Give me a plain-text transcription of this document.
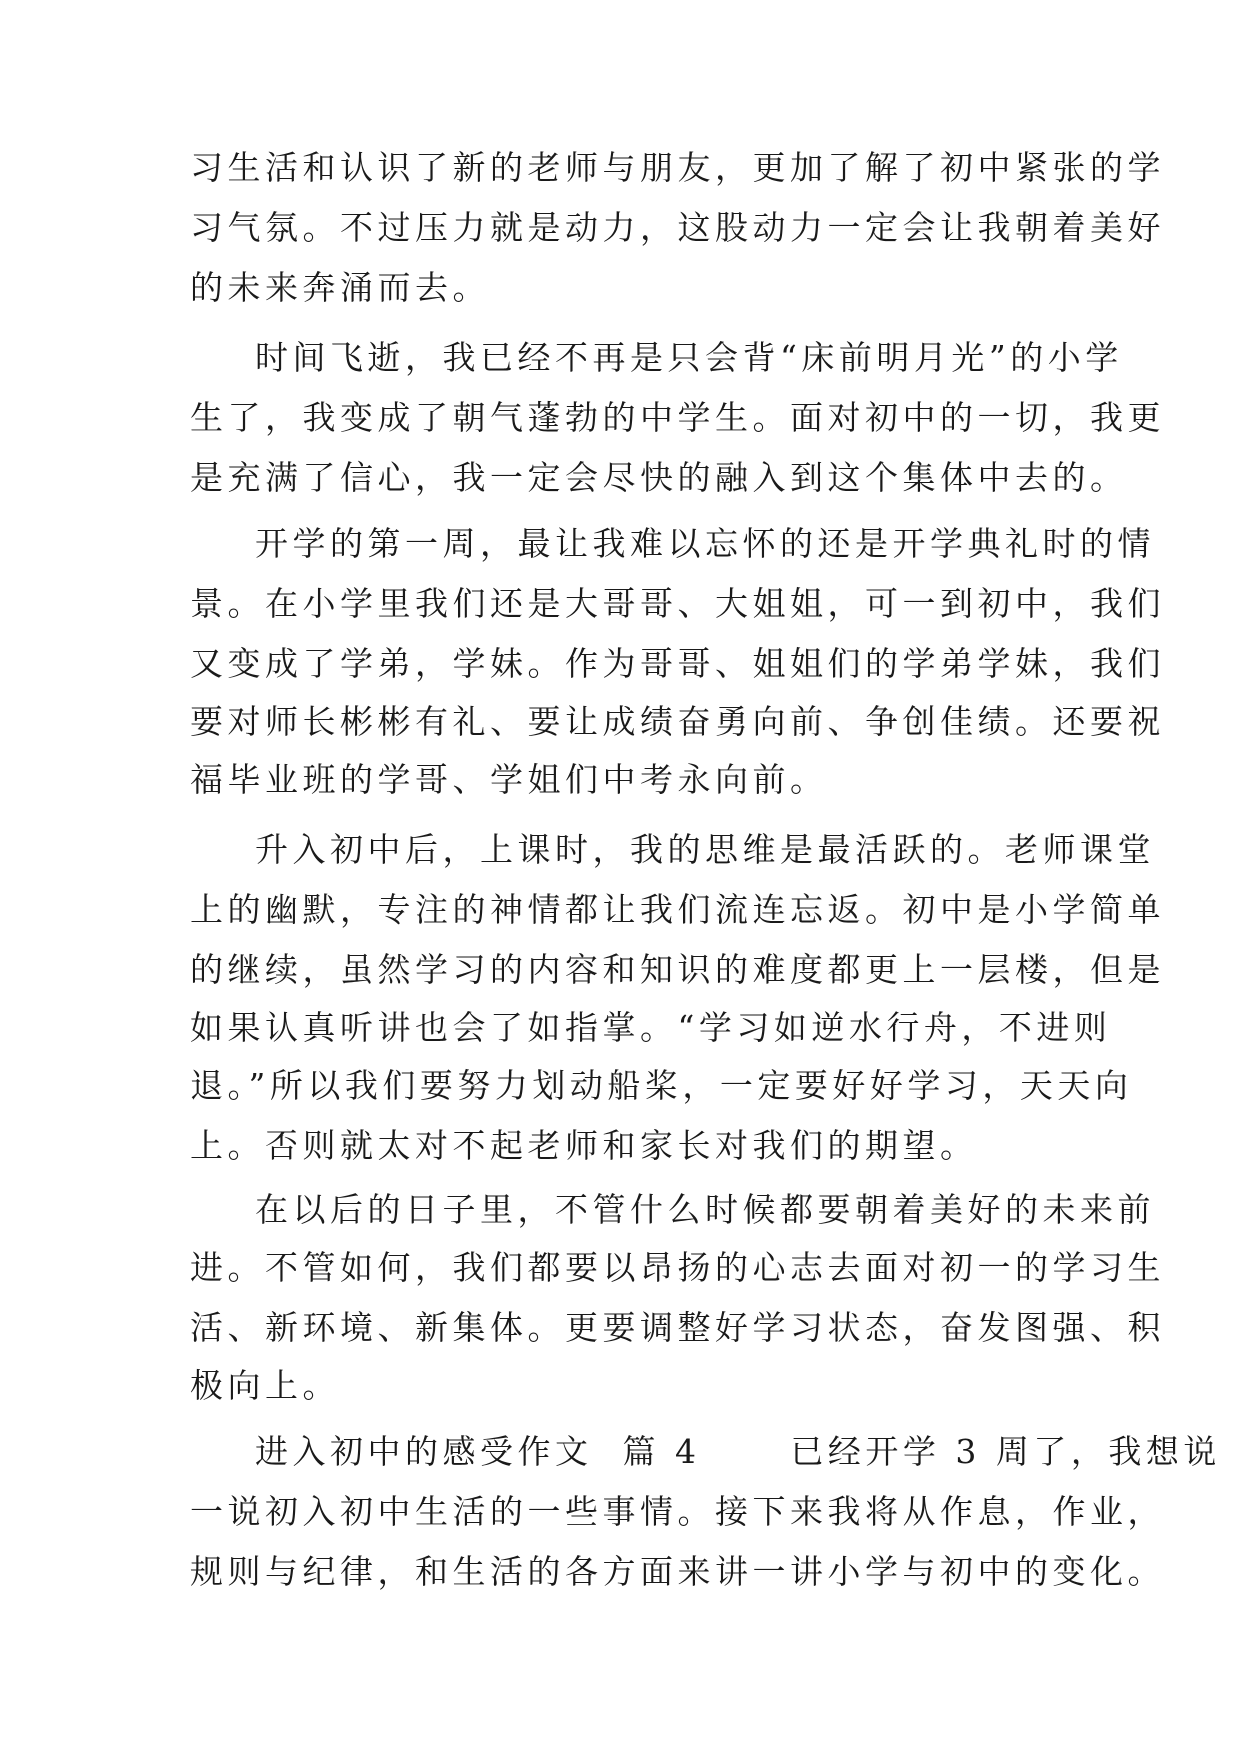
习生活和认识了新的老师与朋友，更加了解了初中紧张的学
习气氛。不过压力就是动力，这股动力一定会让我朝着美好
的未来奔涌而去。
时间飞逝，我已经不再是只会背“床前明月光”的小学
生了，我变成了朝气蓬勃的中学生。面对初中的一切，我更
是充满了信心，我一定会尽快的融入到这个集体中去的。
开学的第一周，最让我难以忘怀的还是开学典礼时的情
景。在小学里我们还是大哥哥、大姐姐，可一到初中，我们
又变成了学弟，学妹。作为哥哥、姐姐们的学弟学妹，我们
要对师长彬彬有礼、要让成绩奋勇向前、争创佳绩。还要祝
福毕业班的学哥、学姐们中考永向前。
升入初中后，上课时，我的思维是最活跃的。老师课堂
上的幽默，专注的神情都让我们流连忘返。初中是小学简单
的继续，虽然学习的内容和知识的难度都更上一层楼，但是
如果认真听讲也会了如指掌。“学习如逆水行舟，不进则
退。”所以我们要努力划动船桨，一定要好好学习，天天向
上。否则就太对不起老师和家长对我们的期望。
在以后的日子里，不管什么时候都要朝着美好的未来前
进。不管如何，我们都要以昂扬的心志去面对初一的学习生
活、新环境、新集体。更要调整好学习状态，奋发图强、积
极向上。
进入初中的感受作文  篇 4      已经开学 3 周了，我想说
一说初入初中生活的一些事情。接下来我将从作息，作业，
规则与纪律，和生活的各方面来讲一讲小学与初中的变化。
